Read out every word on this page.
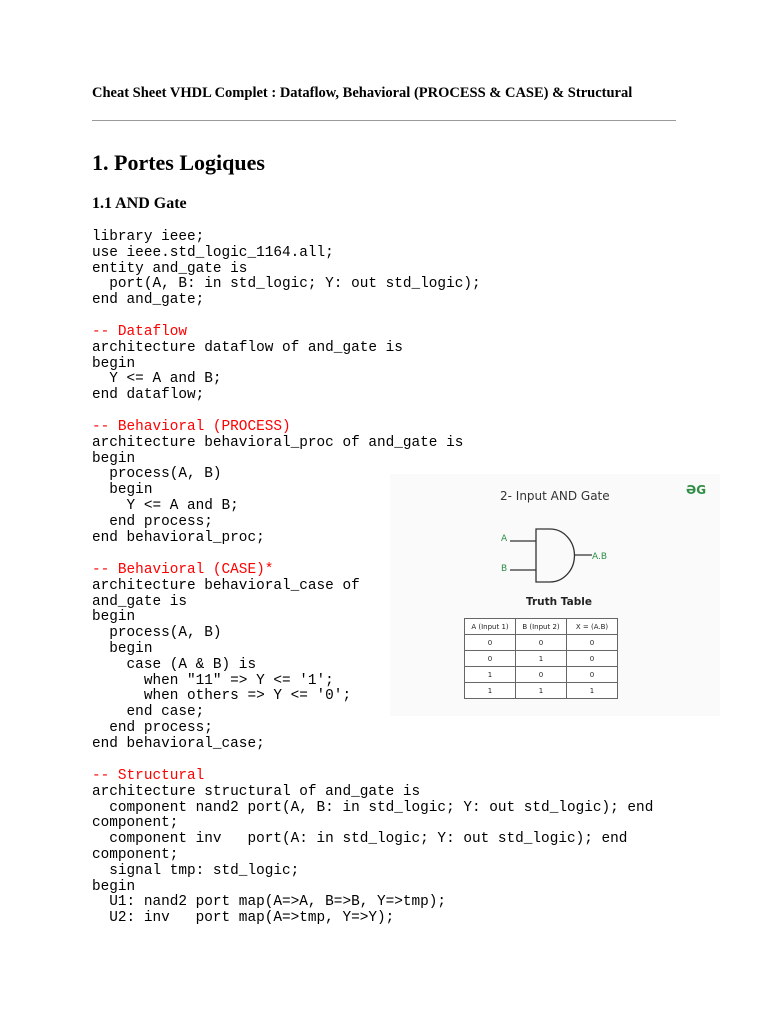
Cheat Sheet VHDL Complet : Dataflow, Behavioral (PROCESS & CASE) & Structural
1. Portes Logiques
1.1 AND Gate
library ieee;
use ieee.std_logic_1164.all;
entity and_gate is
port(A, B: in std_logic; Y: out std_logic);
end and_gate;
-- Dataflow
architecture dataflow of and_gate is
begin
Y <= A and B;
end dataflow;
-- Behavioral (PROCESS)
architecture behavioral_proc of and_gate is
begin
process(A, B)
begin
Y <= A and B;
end process;
end behavioral_proc;
-- Behavioral (CASE)*
architecture behavioral_case of
and_gate is
begin
process(A, B)
begin
case (A & B) is
when "11" => Y <= '1';
when others => Y <= '0';
end case;
end process;
end behavioral_case;
-- Structural
architecture structural of and_gate is
component nand2 port(A, B: in std_logic; Y: out std_logic); end
component;
component inv   port(A: in std_logic; Y: out std_logic); end
component;
signal tmp: std_logic;
begin
U1: nand2 port map(A=>A, B=>B, Y=>tmp);
U2: inv   port map(A=>tmp, Y=>Y);
2- Input AND Gate	ƏG
A
B
A.B
Truth Table
A (Input 1)	B (Input 2)	X = (A.B)
0	0	0
0	1	0
1	0	0
1	1	1
